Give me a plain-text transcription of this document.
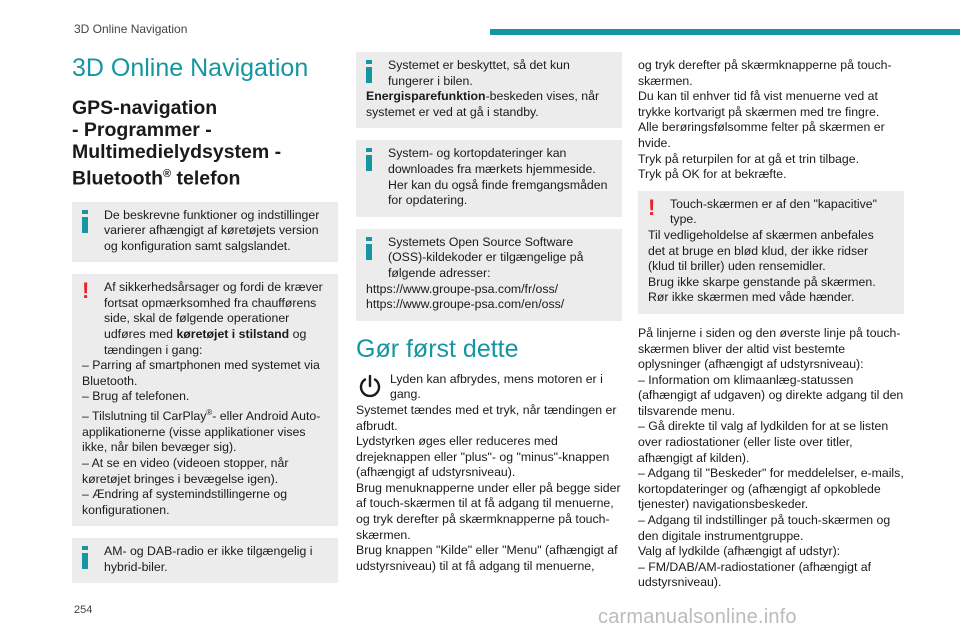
3D Online Navigation
3D Online Navigation
GPS-navigation
- Programmer -
Multimedielydsystem -
Bluetooth® telefon
De beskrevne funktioner og indstillinger varierer afhængigt af køretøjets version og konfiguration samt salgslandet.
!	Af sikkerhedsårsager og fordi de kræver fortsat opmærksomhed fra chaufførens side, skal de følgende operationer udføres med køretøjet i stilstand og tændingen i gang:
– Parring af smartphonen med systemet via Bluetooth.
– Brug af telefonen.
– Tilslutning til CarPlay®- eller Android Auto-applikationerne (visse applikationer vises ikke, når bilen bevæger sig).
– At se en video (videoen stopper, når køretøjet bringes i bevægelse igen).
– Ændring af systemindstillingerne og konfigurationen.
AM- og DAB-radio er ikke tilgængelig i hybrid-biler.
Systemet er beskyttet, så det kun fungerer i bilen.
Energisparefunktion-beskeden vises, når systemet er ved at gå i standby.
System- og kortopdateringer kan downloades fra mærkets hjemmeside. Her kan du også finde fremgangsmåden for opdatering.
Systemets Open Source Software (OSS)-kildekoder er tilgængelige på følgende adresser:
https://www.groupe-psa.com/fr/oss/
https://www.groupe-psa.com/en/oss/
Gør først dette
Lyden kan afbrydes, mens motoren er i gang.

Systemet tændes med et tryk, når tændingen er afbrudt.

Lydstyrken øges eller reduceres med drejeknappen eller "plus"- og "minus"-knappen (afhængigt af udstyrsniveau).

Brug menuknapperne under eller på begge sider af touch-skærmen til at få adgang til menuerne, og tryk derefter på skærmknapperne på touch-skærmen.

Brug knappen "Kilde" eller "Menu" (afhængigt af udstyrsniveau) til at få adgang til menuerne,

og tryk derefter på skærmknapperne på touch-skærmen.

Du kan til enhver tid få vist menuerne ved at trykke kortvarigt på skærmen med tre fingre.

Alle berøringsfølsomme felter på skærmen er hvide.

Tryk på returpilen for at gå et trin tilbage.

Tryk på OK for at bekræfte.

!	Touch-skærmen er af den "kapacitive" type.
Til vedligeholdelse af skærmen anbefales det at bruge en blød klud, der ikke ridser (klud til briller) uden rensemidler.
Brug ikke skarpe genstande på skærmen.
Rør ikke skærmen med våde hænder.

På linjerne i siden og den øverste linje på touch-skærmen bliver der altid vist bestemte oplysninger (afhængigt af udstyrsniveau):

– Information om klimaanlæg-statussen (afhængigt af udgaven) og direkte adgang til den tilsvarende menu.

– Gå direkte til valg af lydkilden for at se listen over radiostationer (eller liste over titler, afhængigt af kilden).

– Adgang til "Beskeder" for meddelelser, e-mails, kortopdateringer og (afhængigt af opkoblede tjenester) navigationsbeskeder.

– Adgang til indstillinger på touch-skærmen og den digitale instrumentgruppe.

Valg af lydkilde (afhængigt af udstyr):

– FM/DAB/AM-radiostationer (afhængigt af udstyrsniveau).

254	carmanualsonline.info
